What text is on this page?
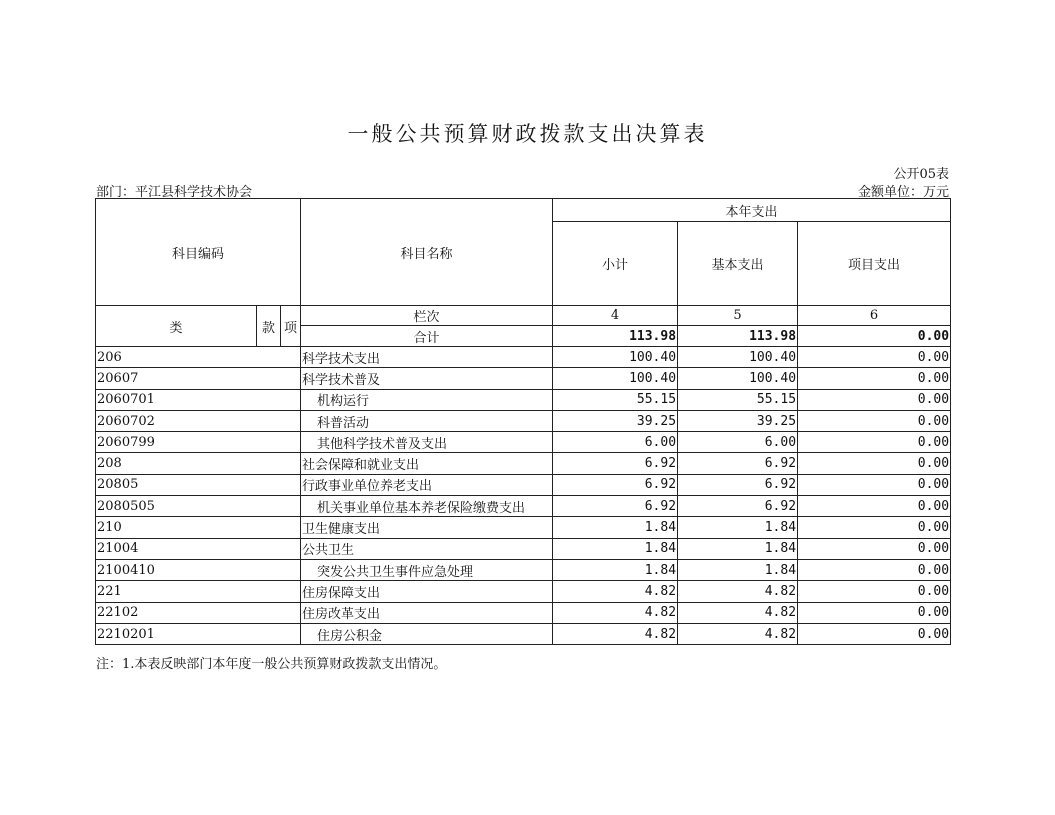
一般公共预算财政拨款支出决算表
公开05表
部门：平江县科学技术协会	金额单位：万元
科目编码			科目名称	本年支出		
				小计	基本支出	项目支出
类	款	项	栏次	4	5	6
			合计	113.98	113.98	0.00
206			科学技术支出	100.40	100.40	0.00
20607			科学技术普及	100.40	100.40	0.00
2060701			机构运行	55.15	55.15	0.00
2060702			科普活动	39.25	39.25	0.00
2060799			其他科学技术普及支出	6.00	6.00	0.00
208			社会保障和就业支出	6.92	6.92	0.00
20805			行政事业单位养老支出	6.92	6.92	0.00
2080505			机关事业单位基本养老保险缴费支出	6.92	6.92	0.00
210			卫生健康支出	1.84	1.84	0.00
21004			公共卫生	1.84	1.84	0.00
2100410			突发公共卫生事件应急处理	1.84	1.84	0.00
221			住房保障支出	4.82	4.82	0.00
22102			住房改革支出	4.82	4.82	0.00
2210201			住房公积金	4.82	4.82	0.00
注：1.本表反映部门本年度一般公共预算财政拨款支出情况。
